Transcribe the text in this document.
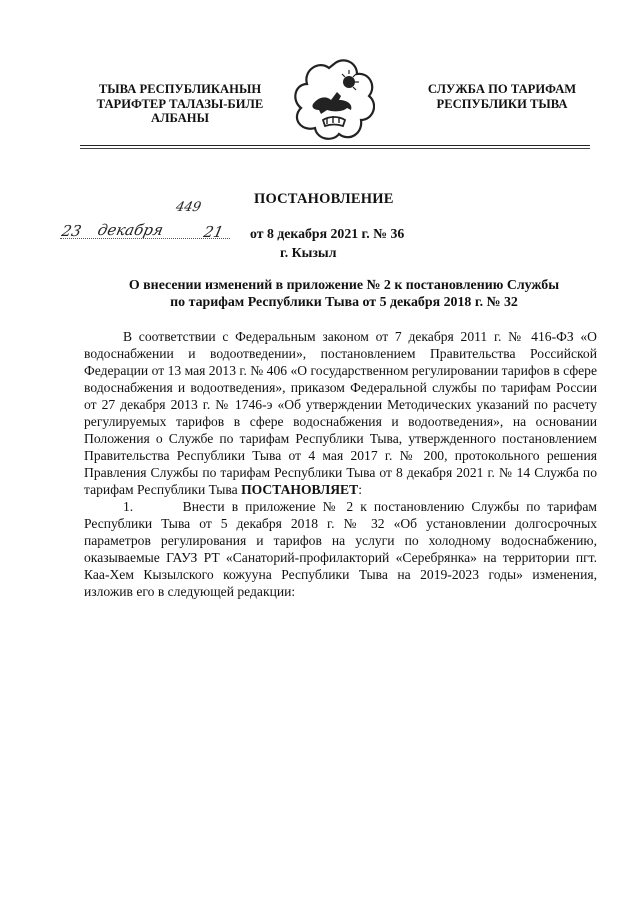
ТЫВА РЕСПУБЛИКАНЫН
ТАРИФТЕР ТАЛАЗЫ-БИЛЕ
АЛБАНЫ
СЛУЖБА ПО ТАРИФАМ
РЕСПУБЛИКИ ТЫВА
ПОСТАНОВЛЕНИЕ
449
23 декабря 21 от 8 декабря 2021 г. № 36
г. Кызыл
О внесении изменений в приложение № 2 к постановлению Службы
по тарифам Республики Тыва от 5 декабря 2018 г. № 32

В соответствии с Федеральным законом от 7 декабря 2011 г. № 416-ФЗ «О водоснабжении и водоотведении», постановлением Правительства Российской Федерации от 13 мая 2013 г. № 406 «О государственном регулировании тарифов в сфере водоснабжения и водоотведения», приказом Федеральной службы по тарифам России от 27 декабря 2013 г. № 1746-э «Об утверждении Методических указаний по расчету регулируемых тарифов в сфере водоснабжения и водоотведения», на основании Положения о Службе по тарифам Республики Тыва, утвержденного постановлением Правительства Республики Тыва от 4 мая 2017 г. № 200, протокольного решения Правления Службы по тарифам Республики Тыва от 8 декабря 2021 г. № 14 Служба по тарифам Республики Тыва ПОСТАНОВЛЯЕТ:

1.	Внести в приложение № 2 к постановлению Службы по тарифам Республики Тыва от 5 декабря 2018 г. № 32 «Об установлении долгосрочных параметров регулирования и тарифов на услуги по холодному водоснабжению, оказываемые ГАУЗ РТ «Санаторий-профилакторий «Серебрянка» на территории пгт. Каа-Хем Кызылского кожууна Республики Тыва на 2019-2023 годы» изменения, изложив его в следующей редакции:
